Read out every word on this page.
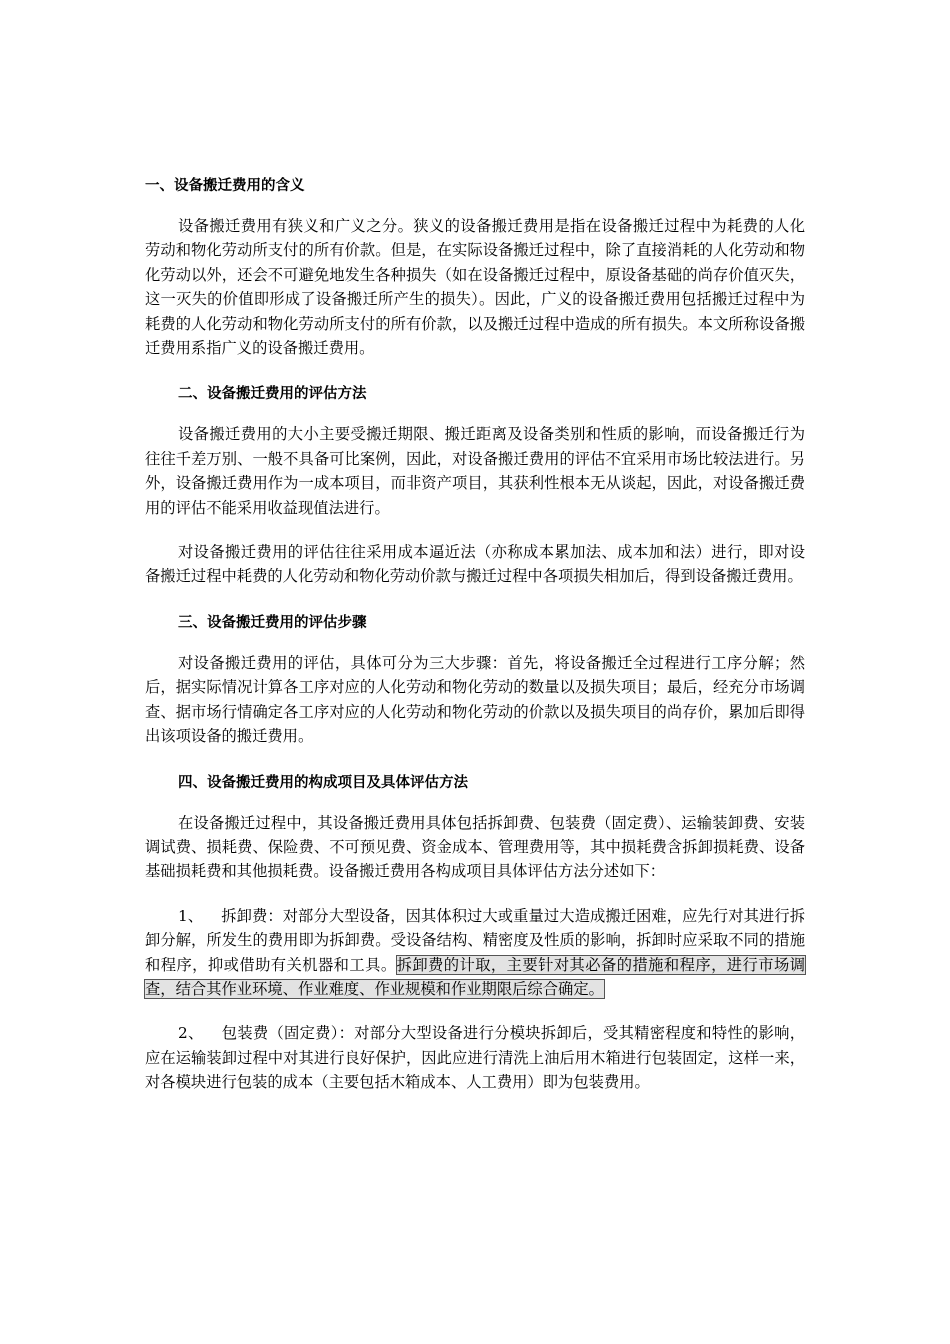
一、设备搬迁费用的含义

设备搬迁费用有狭义和广义之分。狭义的设备搬迁费用是指在设备搬迁过程中为耗费的人化劳动和物化劳动所支付的所有价款。但是，在实际设备搬迁过程中，除了直接消耗的人化劳动和物化劳动以外，还会不可避免地发生各种损失（如在设备搬迁过程中，原设备基础的尚存价值灭失，这一灭失的价值即形成了设备搬迁所产生的损失）。因此，广义的设备搬迁费用包括搬迁过程中为耗费的人化劳动和物化劳动所支付的所有价款，以及搬迁过程中造成的所有损失。本文所称设备搬迁费用系指广义的设备搬迁费用。

二、设备搬迁费用的评估方法

设备搬迁费用的大小主要受搬迁期限、搬迁距离及设备类别和性质的影响，而设备搬迁行为往往千差万别、一般不具备可比案例，因此，对设备搬迁费用的评估不宜采用市场比较法进行。另外，设备搬迁费用作为一成本项目，而非资产项目，其获利性根本无从谈起，因此，对设备搬迁费用的评估不能采用收益现值法进行。

对设备搬迁费用的评估往往采用成本逼近法（亦称成本累加法、成本加和法）进行，即对设备搬迁过程中耗费的人化劳动和物化劳动价款与搬迁过程中各项损失相加后，得到设备搬迁费用。

三、设备搬迁费用的评估步骤

对设备搬迁费用的评估，具体可分为三大步骤：首先，将设备搬迁全过程进行工序分解；然后，据实际情况计算各工序对应的人化劳动和物化劳动的数量以及损失项目；最后，经充分市场调查、据市场行情确定各工序对应的人化劳动和物化劳动的价款以及损失项目的尚存价，累加后即得出该项设备的搬迁费用。

四、设备搬迁费用的构成项目及具体评估方法

在设备搬迁过程中，其设备搬迁费用具体包括拆卸费、包装费（固定费）、运输装卸费、安装调试费、损耗费、保险费、不可预见费、资金成本、管理费用等，其中损耗费含拆卸损耗费、设备基础损耗费和其他损耗费。设备搬迁费用各构成项目具体评估方法分述如下：

1、 拆卸费：对部分大型设备，因其体积过大或重量过大造成搬迁困难，应先行对其进行拆卸分解，所发生的费用即为拆卸费。受设备结构、精密度及性质的影响，拆卸时应采取不同的措施和程序，抑或借助有关机器和工具。拆卸费的计取，主要针对其必备的措施和程序，进行市场调查，结合其作业环境、作业难度、作业规模和作业期限后综合确定。

2、 包装费（固定费）：对部分大型设备进行分模块拆卸后，受其精密程度和特性的影响，应在运输装卸过程中对其进行良好保护，因此应进行清洗上油后用木箱进行包装固定，这样一来，对各模块进行包装的成本（主要包括木箱成本、人工费用）即为包装费用。
